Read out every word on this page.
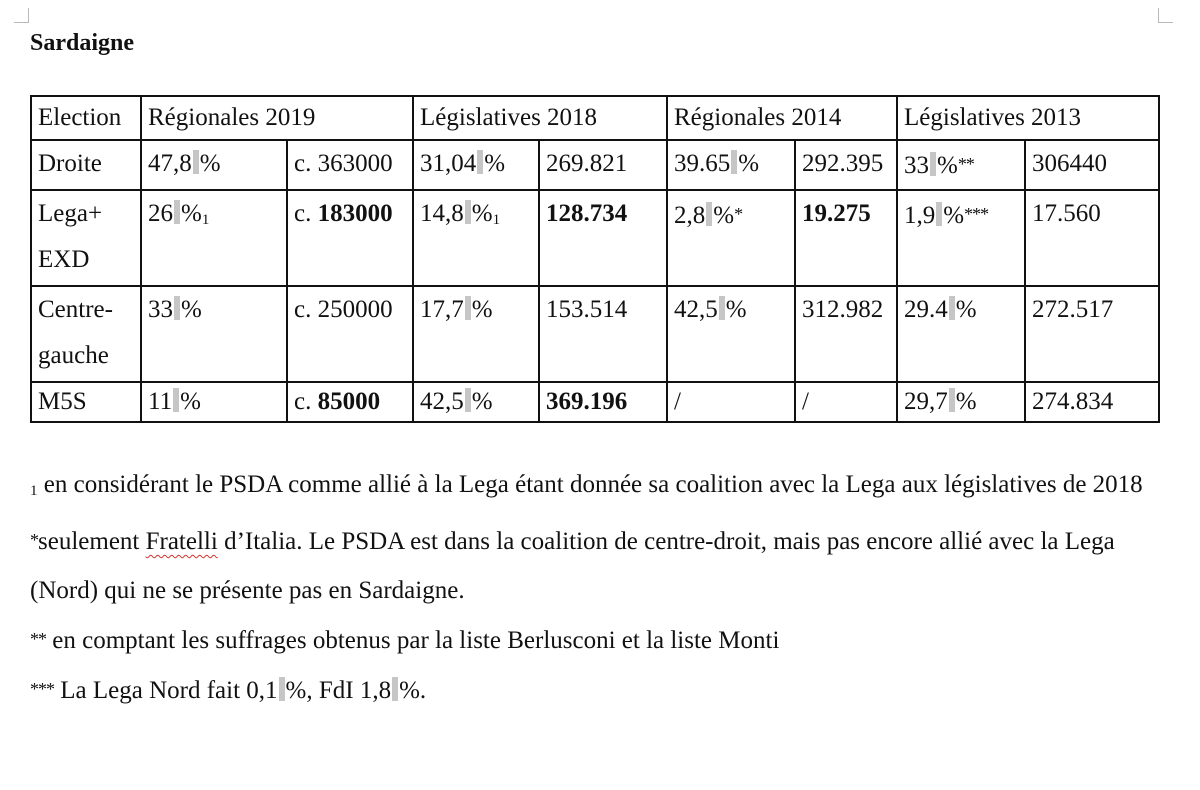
Sardaigne
Election	Régionales 2019		Législatives 2018		Régionales 2014		Législatives 2013	
Droite	47,8 %	c. 363000	31,04 %	269.821	39.65 %	292.395	33 %**	306440
Lega+ EXD	26 $\%_1$	c. 183000	14,8 $\%_1$	128.734	2,8 %*	19.275	1,9 %***	17.560
Centre-gauche	33 %	c. 250000	17,7 %	153.514	42,5 %	312.982	29.4 %	272.517
M5S	11 %	c. 85000	42,5 %	369.196	/	/	29,7 %	274.834

$_1$ en considérant le PSDA comme allié à la Lega étant donnée sa coalition avec la Lega aux législatives de 2018

*seulement Fratelli d’Italia. Le PSDA est dans la coalition de centre-droit, mais pas encore allié avec la Lega (Nord) qui ne se présente pas en Sardaigne.

** en comptant les suffrages obtenus par la liste Berlusconi et la liste Monti

*** La Lega Nord fait 0,1 %, FdI 1,8 %.
